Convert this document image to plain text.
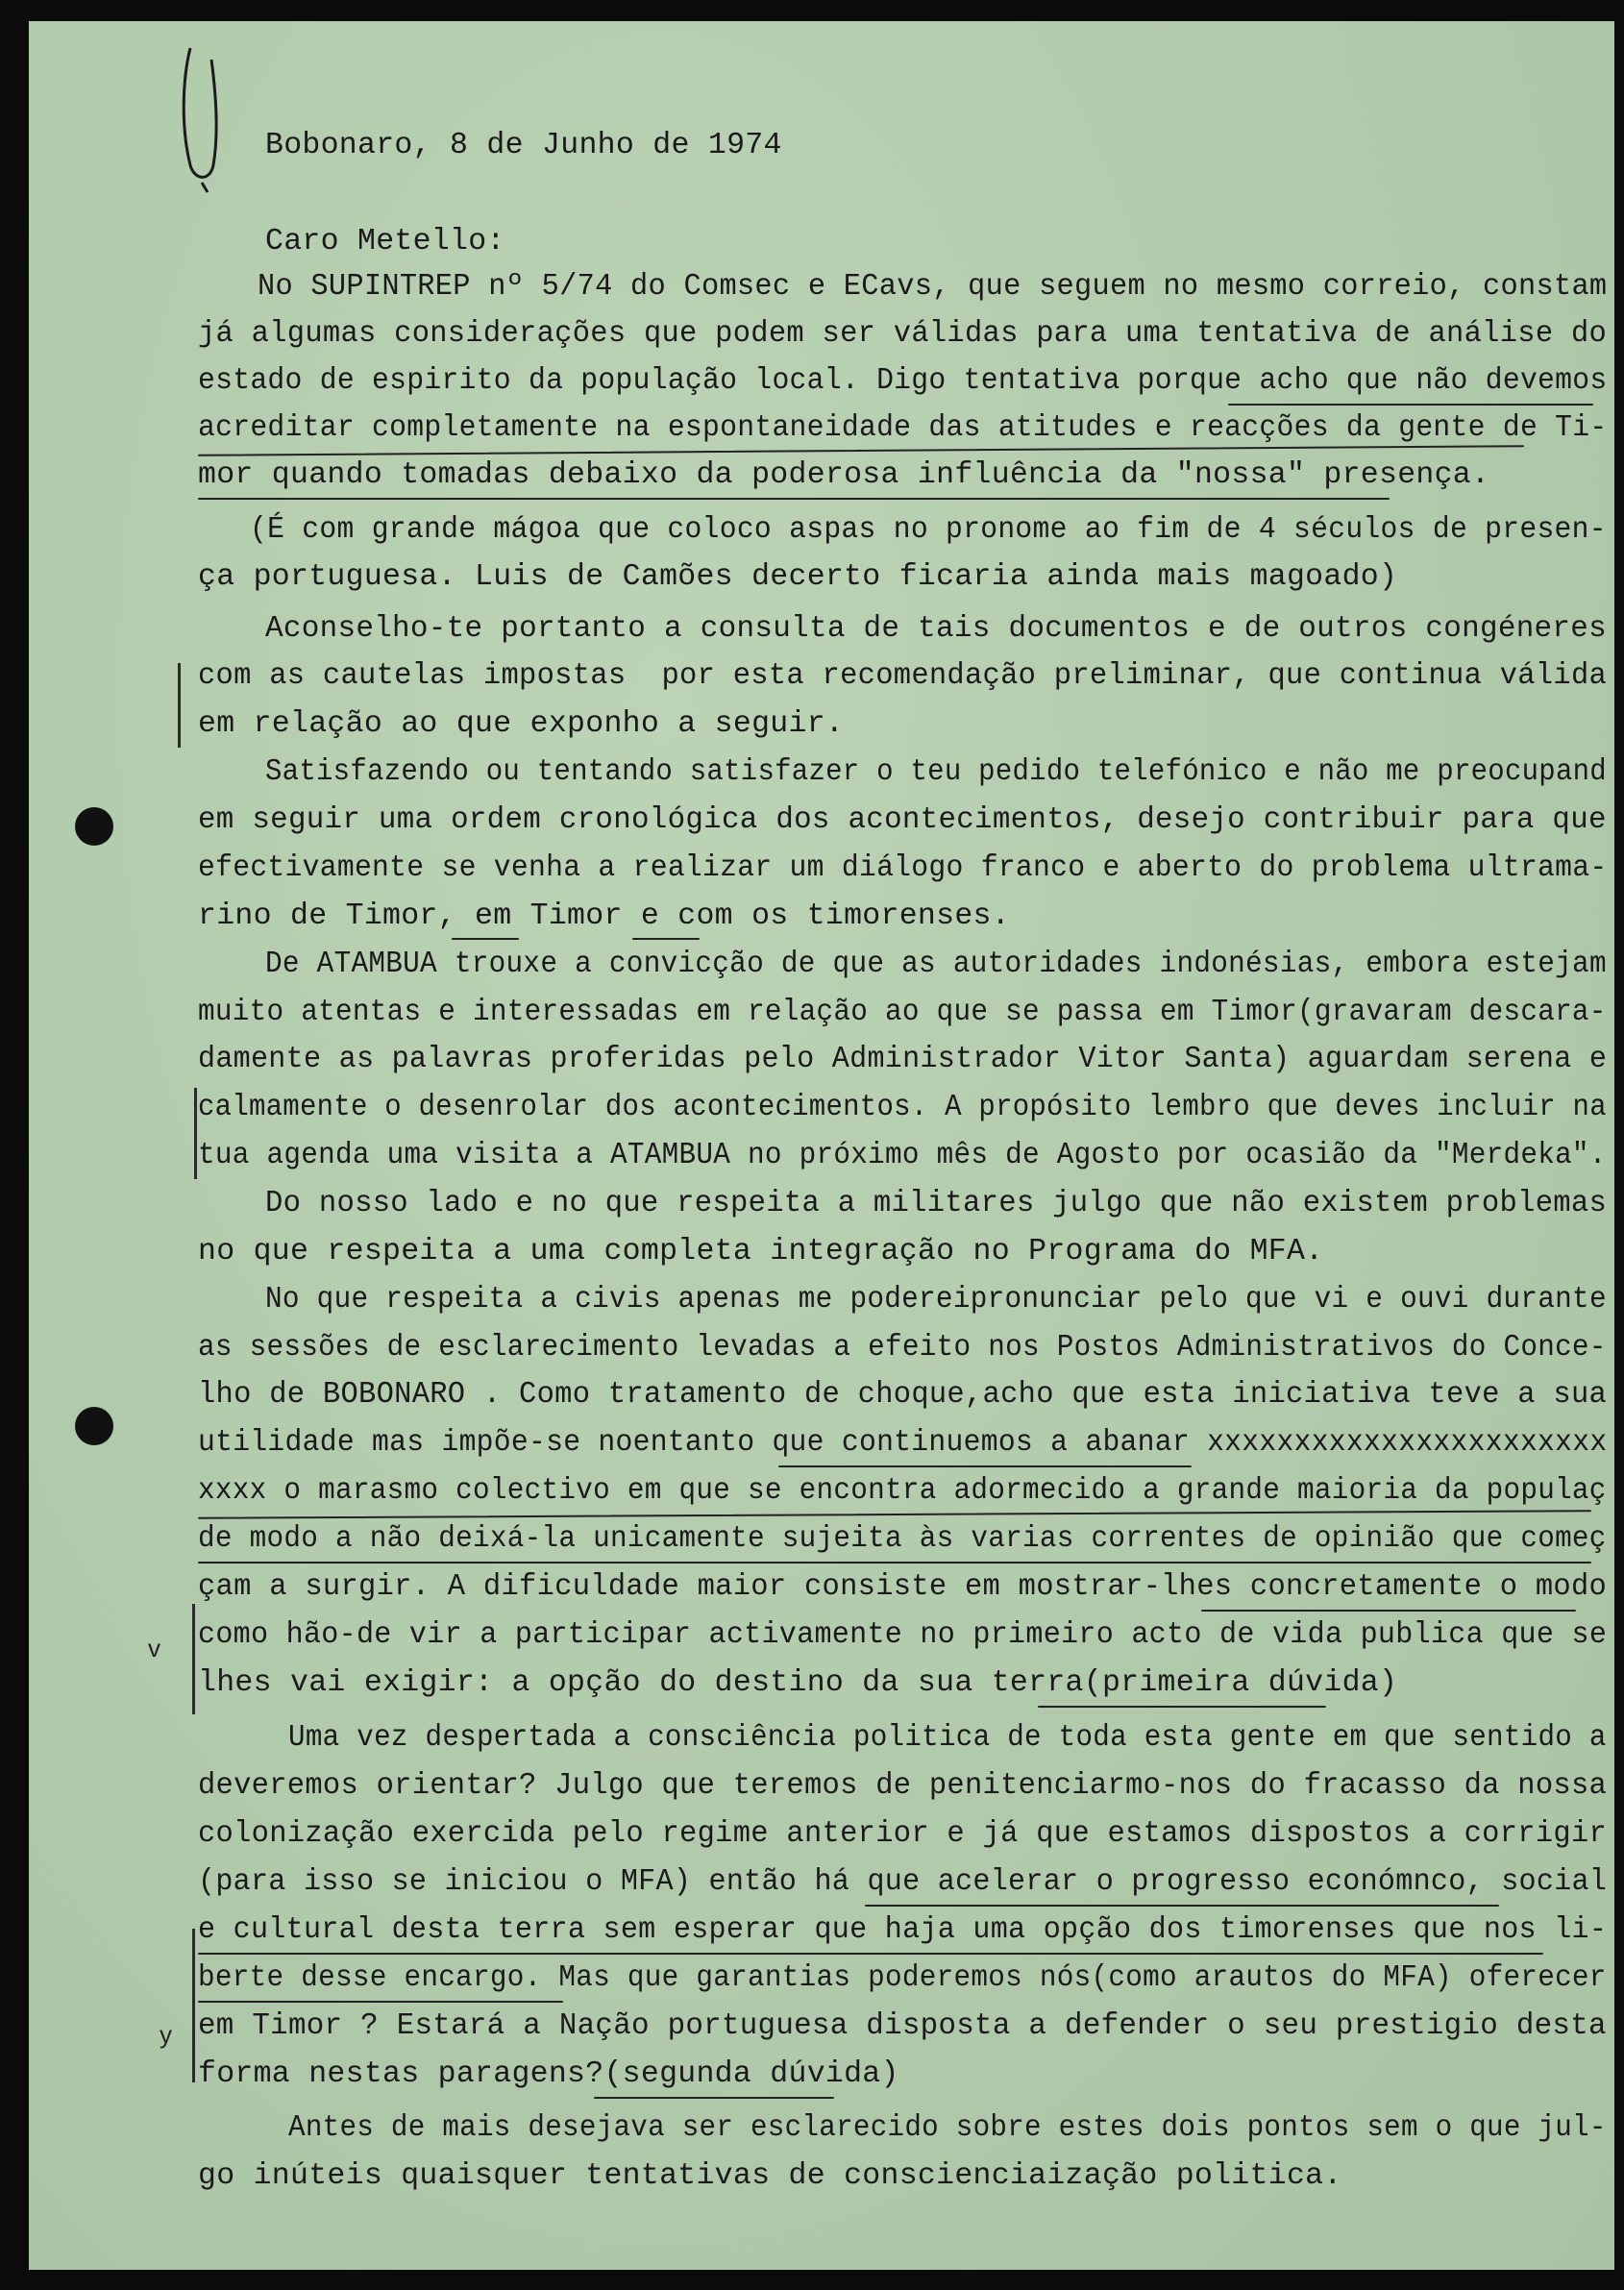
v
y
Bobonaro, 8 de Junho de 1974
Caro Metello:
No SUPINTREP nº 5/74 do Comsec e ECavs, que seguem no mesmo correio, constam
já algumas considerações que podem ser válidas para uma tentativa de análise do
estado de espirito da população local. Digo tentativa porque acho que não devemos
acreditar completamente na espontaneidade das atitudes e reacções da gente de Ti-
mor quando tomadas debaixo da poderosa influência da "nossa" presença.
(É com grande mágoa que coloco aspas no pronome ao fim de 4 séculos de presen-
ça portuguesa. Luis de Camões decerto ficaria ainda mais magoado)
Aconselho-te portanto a consulta de tais documentos e de outros congéneres
com as cautelas impostas  por esta recomendação preliminar, que continua válida
em relação ao que exponho a seguir.
Satisfazendo ou tentando satisfazer o teu pedido telefónico e não me preocupand
em seguir uma ordem cronológica dos acontecimentos, desejo contribuir para que
efectivamente se venha a realizar um diálogo franco e aberto do problema ultrama-
rino de Timor, em Timor e com os timorenses.
De ATAMBUA trouxe a convicção de que as autoridades indonésias, embora estejam
muito atentas e interessadas em relação ao que se passa em Timor(gravaram descara-
damente as palavras proferidas pelo Administrador Vitor Santa) aguardam serena e
calmamente o desenrolar dos acontecimentos. A propósito lembro que deves incluir na
tua agenda uma visita a ATAMBUA no próximo mês de Agosto por ocasião da "Merdeka".
Do nosso lado e no que respeita a militares julgo que não existem problemas
no que respeita a uma completa integração no Programa do MFA.
No que respeita a civis apenas me podereipronunciar pelo que vi e ouvi durante
as sessões de esclarecimento levadas a efeito nos Postos Administrativos do Conce-
lho de BOBONARO . Como tratamento de choque,acho que esta iniciativa teve a sua
utilidade mas impõe-se noentanto que continuemos a abanar xxxxxxxxxxxxxxxxxxxxxxx
xxxx o marasmo colectivo em que se encontra adormecido a grande maioria da populaç
de modo a não deixá-la unicamente sujeita às varias correntes de opinião que começ
çam a surgir. A dificuldade maior consiste em mostrar-lhes concretamente o modo
como hão-de vir a participar activamente no primeiro acto de vida publica que se
lhes vai exigir: a opção do destino da sua terra(primeira dúvida)
Uma vez despertada a consciência politica de toda esta gente em que sentido a
deveremos orientar? Julgo que teremos de penitenciarmo-nos do fracasso da nossa
colonização exercida pelo regime anterior e já que estamos dispostos a corrigir
(para isso se iniciou o MFA) então há que acelerar o progresso económnco, social
e cultural desta terra sem esperar que haja uma opção dos timorenses que nos li-
berte desse encargo. Mas que garantias poderemos nós(como arautos do MFA) oferecer
em Timor ? Estará a Nação portuguesa disposta a defender o seu prestigio desta
forma nestas paragens?(segunda dúvida)
Antes de mais desejava ser esclarecido sobre estes dois pontos sem o que jul-
go inúteis quaisquer tentativas de conscienciaização politica.
